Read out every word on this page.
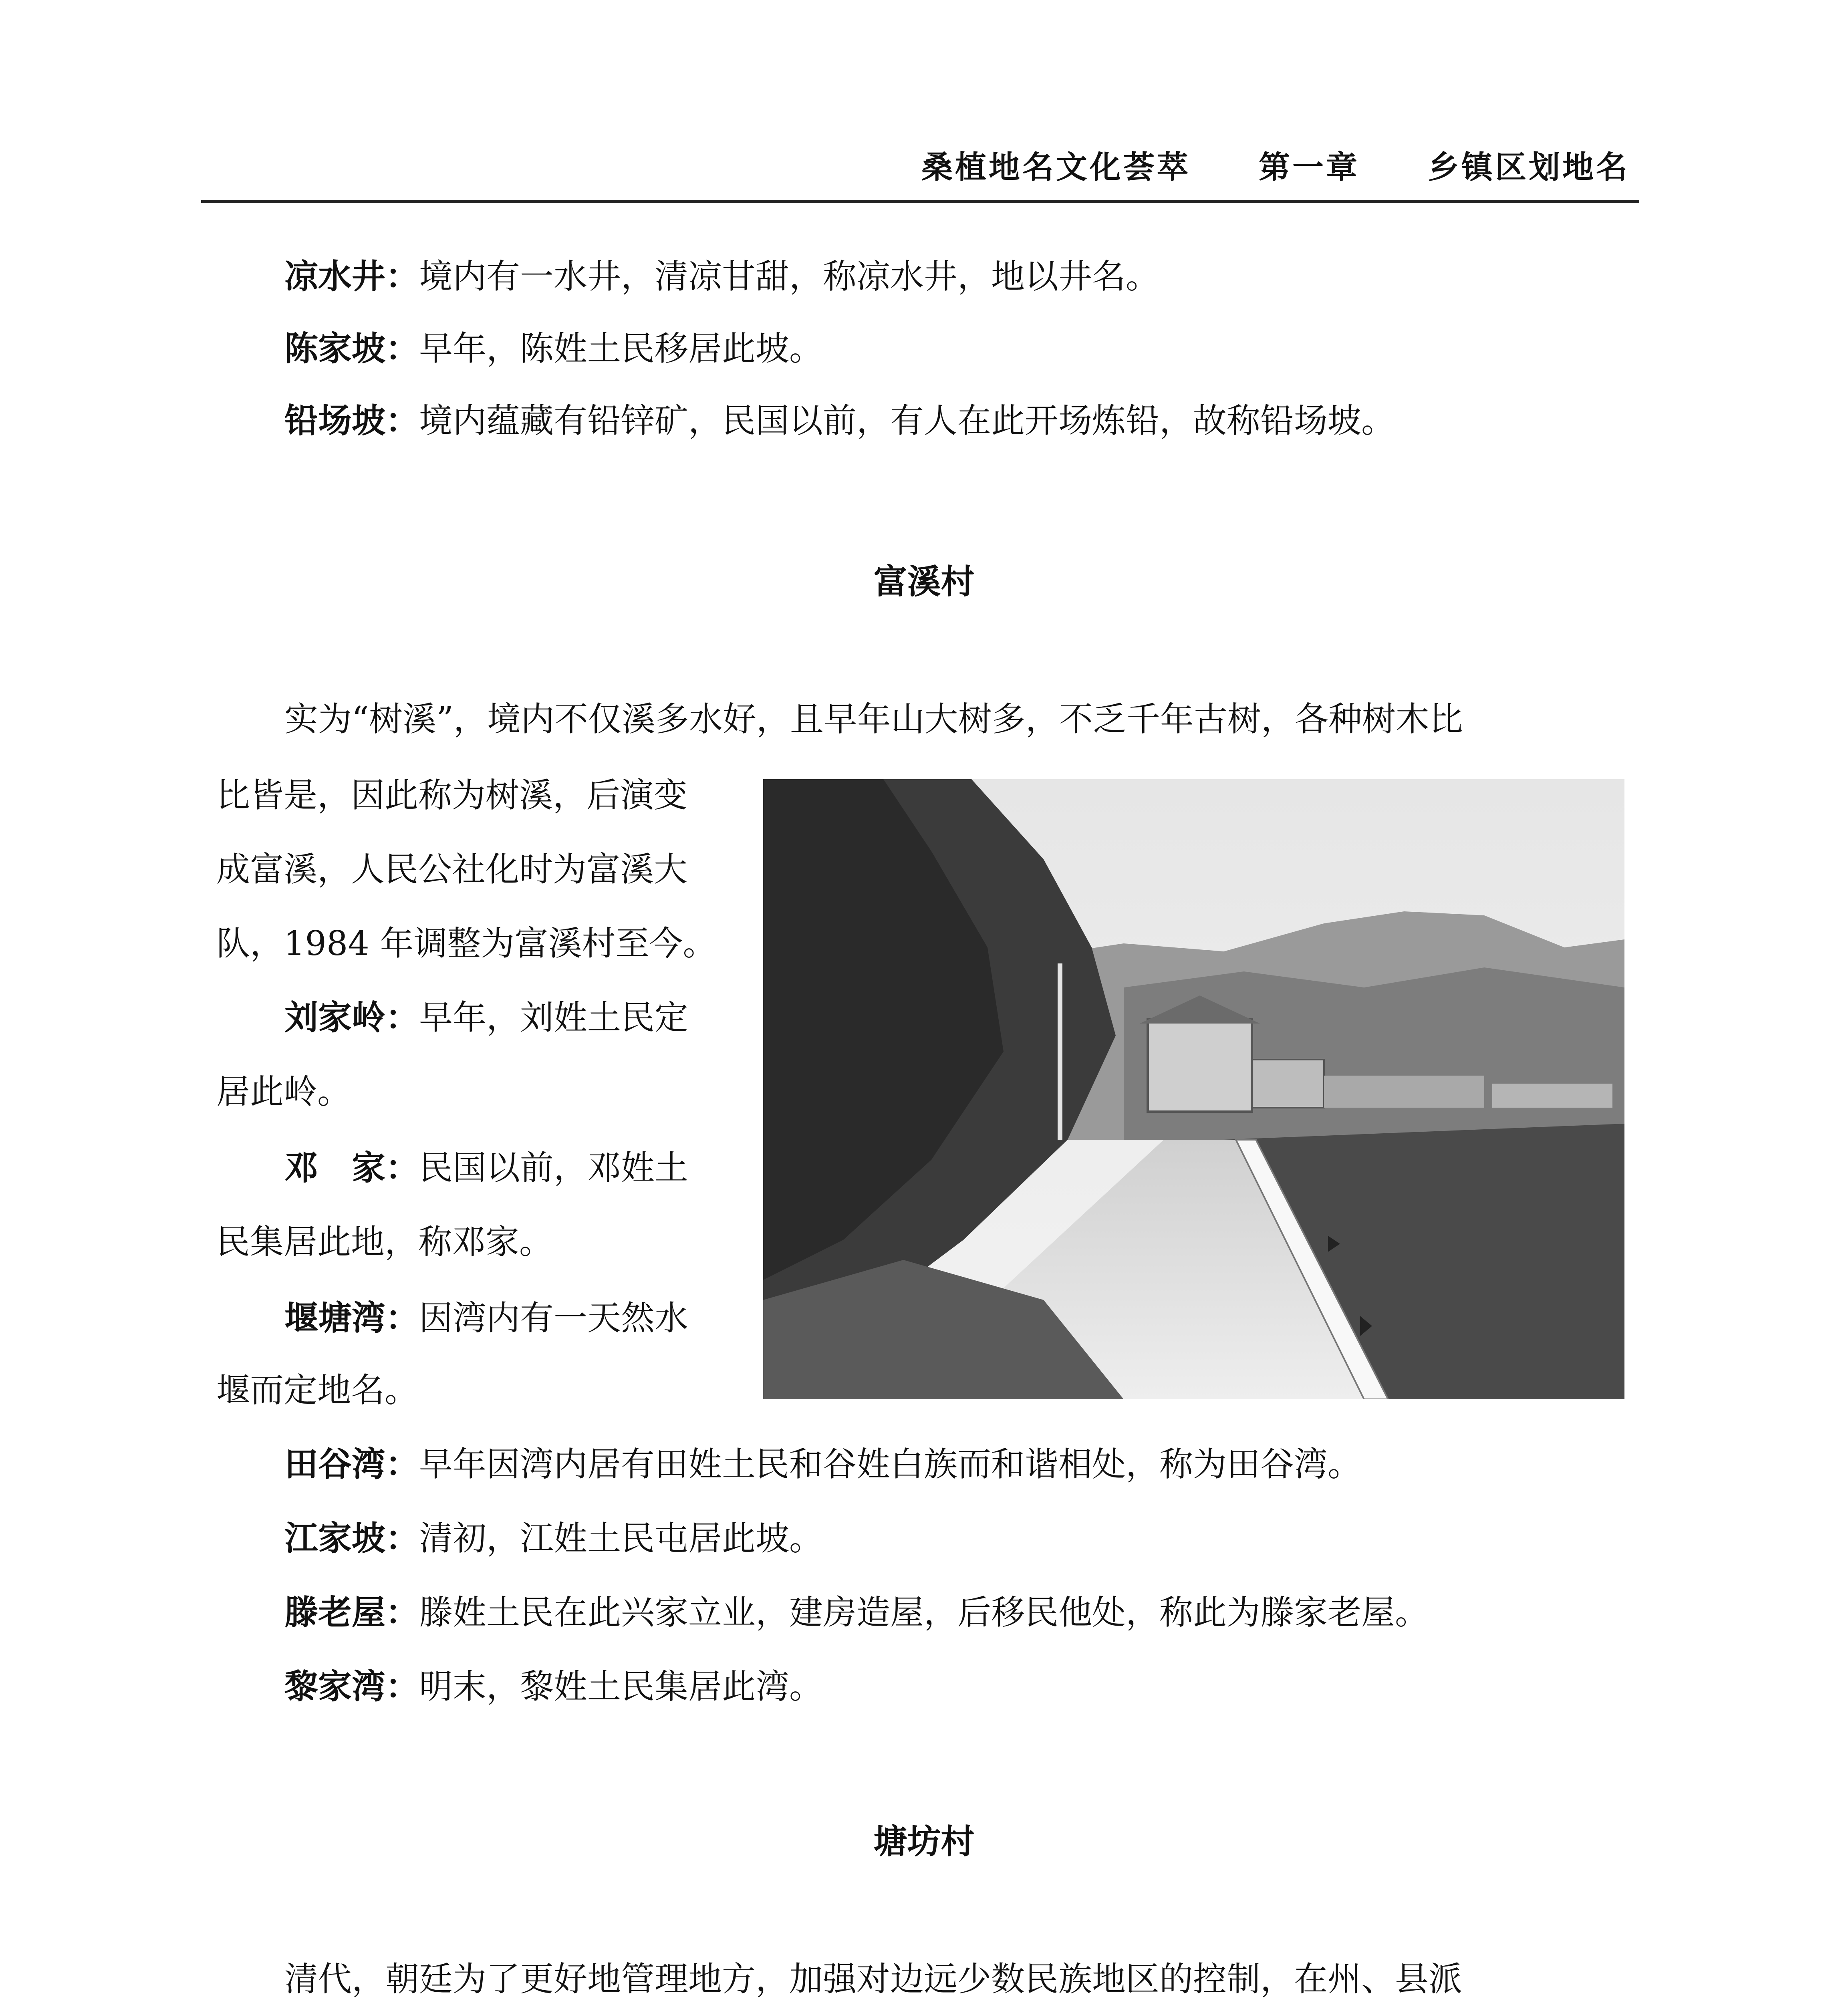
桑植地名文化荟萃 第一章 乡镇区划地名
凉水井：境内有一水井，清凉甘甜，称凉水井，地以井名。
陈家坡：早年，陈姓土民移居此坡。
铅场坡：境内蕴藏有铅锌矿，民国以前，有人在此开场炼铅，故称铅场坡。
富溪村
实为“树溪”，境内不仅溪多水好，且早年山大树多，不乏千年古树，各种树木比
比皆是，因此称为树溪，后演变
成富溪，人民公社化时为富溪大
队，1984 年调整为富溪村至今。
刘家岭：早年，刘姓土民定
居此岭。
邓　家：民国以前，邓姓土
民集居此地，称邓家。
堰塘湾：因湾内有一天然水
堰而定地名。
田谷湾：早年因湾内居有田姓土民和谷姓白族而和谐相处，称为田谷湾。
江家坡：清初，江姓土民屯居此坡。
滕老屋：滕姓土民在此兴家立业，建房造屋，后移民他处，称此为滕家老屋。
黎家湾：明末，黎姓土民集居此湾。
塘坊村
清代，朝廷为了更好地管理地方，加强对边远少数民族地区的控制，在州、县派
